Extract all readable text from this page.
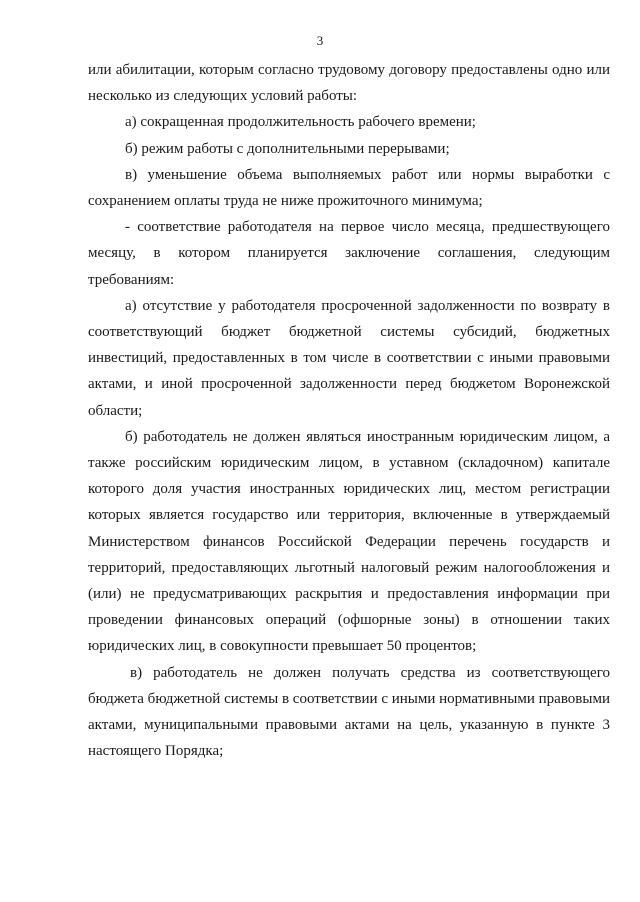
3

или абилитации, которым согласно трудовому договору предоставлены одно или несколько из следующих условий работы:

а) сокращенная продолжительность рабочего времени;

б) режим работы с дополнительными перерывами;

в) уменьшение объема выполняемых работ или нормы выработки с сохранением оплаты труда не ниже прожиточного минимума;

- соответствие работодателя на первое число месяца, предшествующего месяцу, в котором планируется заключение соглашения, следующим требованиям:

а) отсутствие у работодателя просроченной задолженности по возврату в соответствующий бюджет бюджетной системы субсидий, бюджетных инвестиций, предоставленных в том числе в соответствии с иными правовыми актами, и иной просроченной задолженности перед бюджетом Воронежской области;

б) работодатель не должен являться иностранным юридическим лицом, а также российским юридическим лицом, в уставном (складочном) капитале которого доля участия иностранных юридических лиц, местом регистрации которых является государство или территория, включенные в утверждаемый Министерством финансов Российской Федерации перечень государств и территорий, предоставляющих льготный налоговый режим налогообложения и (или) не предусматривающих раскрытия и предоставления информации при проведении финансовых операций (офшорные зоны) в отношении таких юридических лиц, в совокупности превышает 50 процентов;

в) работодатель не должен получать средства из соответствующего бюджета бюджетной системы в соответствии с иными нормативными правовыми актами, муниципальными правовыми актами на цель, указанную в пункте 3 настоящего Порядка;
